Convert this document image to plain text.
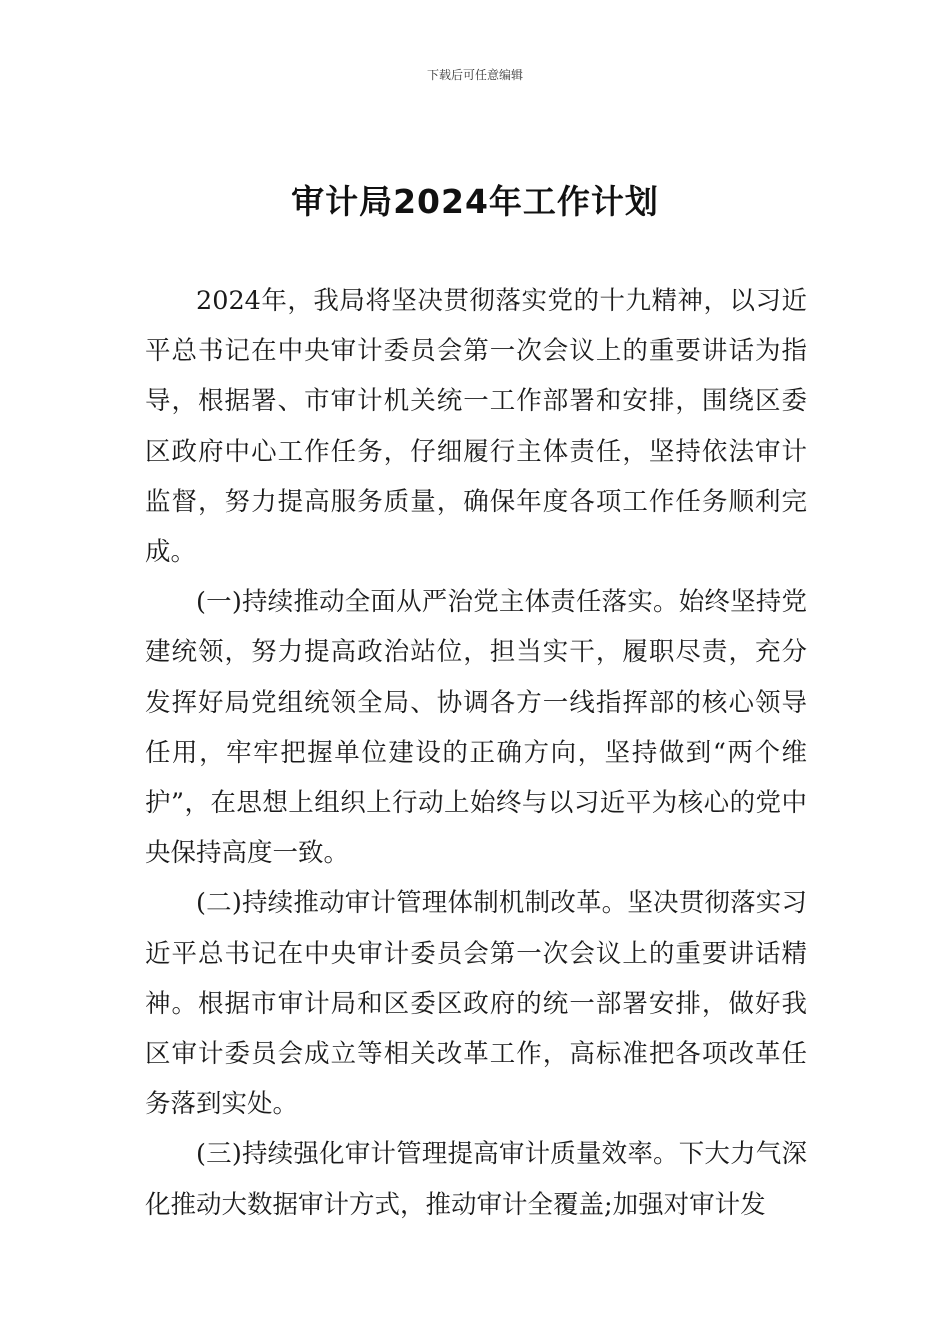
下载后可任意编辑
审计局2024年工作计划

2024年，我局将坚决贯彻落实党的十九精神，以习近平总书记在中央审计委员会第一次会议上的重要讲话为指导，根据署、市审计机关统一工作部署和安排，围绕区委区政府中心工作任务，仔细履行主体责任，坚持依法审计监督，努力提高服务质量，确保年度各项工作任务顺利完成。

(一)持续推动全面从严治党主体责任落实。始终坚持党建统领，努力提高政治站位，担当实干，履职尽责，充分发挥好局党组统领全局、协调各方一线指挥部的核心领导任用，牢牢把握单位建设的正确方向，坚持做到“两个维护”，在思想上组织上行动上始终与以习近平为核心的党中央保持高度一致。

(二)持续推动审计管理体制机制改革。坚决贯彻落实习近平总书记在中央审计委员会第一次会议上的重要讲话精神。根据市审计局和区委区政府的统一部署安排，做好我区审计委员会成立等相关改革工作，高标准把各项改革任务落到实处。

(三)持续强化审计管理提高审计质量效率。下大力气深化推动大数据审计方式，推动审计全覆盖;加强对审计发
